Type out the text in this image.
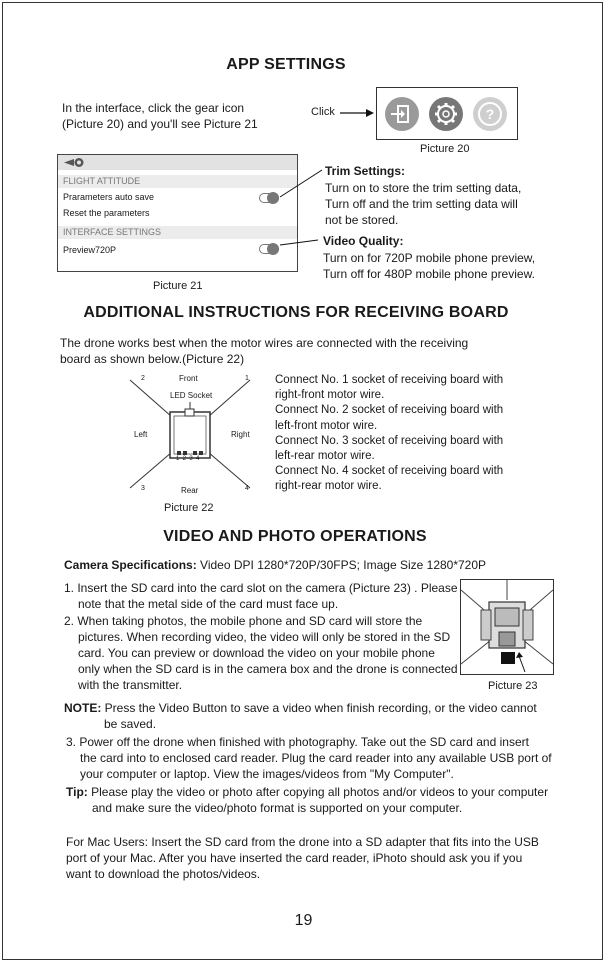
APP SETTINGS
In the interface, click the gear icon
(Picture 20) and you'll see Picture 21
Click	?
Picture 20
FLIGHT ATTITUDE
Prarameters auto save
Reset the parameters
INTERFACE SETTINGS
Preview720P
Picture 21
Trim Settings:
Turn on to store the trim setting data,
Turn off and the trim setting data will
not be stored.
Video Quality:
Turn on for 720P mobile phone preview,
Turn off for 480P mobile phone preview.
ADDITIONAL INSTRUCTIONS FOR RECEIVING BOARD
The drone works best when the motor wires are connected with the receiving
board as shown below.(Picture 22)
2	1
3	4
Front
LED Socket
Left	Right
1  2  3  4
Rear
Picture 22
Connect No. 1 socket of receiving board with
right-front motor wire.
Connect No. 2 socket of receiving board with
left-front motor wire.
Connect No. 3 socket of receiving board with
left-rear motor wire.
Connect No. 4 socket of receiving board with
right-rear motor wire.
VIDEO AND PHOTO OPERATIONS
Camera Specifications: Video DPI 1280*720P/30FPS; Image Size 1280*720P
1. Insert the SD card into the card slot on the camera (Picture 23) . Please
note that the metal side of the card must face up.
2. When taking photos, the mobile phone and SD card will store the
pictures. When recording video, the video will only be stored in the SD
card. You can preview or download the video on your mobile phone
only when the SD card is in the camera box and the drone is connected
with the transmitter.	Picture 23
NOTE: Press the Video Button to save a video when finish recording, or the video cannot
be saved.
3. Power off the drone when finished with photography. Take out the SD card and insert
the card into to enclosed card reader. Plug the card reader into any available USB port of
your computer or laptop. View the images/videos from "My Computer".
Tip: Please play the video or photo after copying all photos and/or videos to your computer
and make sure the video/photo format is supported on your computer.
For Mac Users: Insert the SD card from the drone into a SD adapter that fits into the USB
port of your Mac. After you have inserted the card reader, iPhoto should ask you if you
want to download the photos/videos.
19
